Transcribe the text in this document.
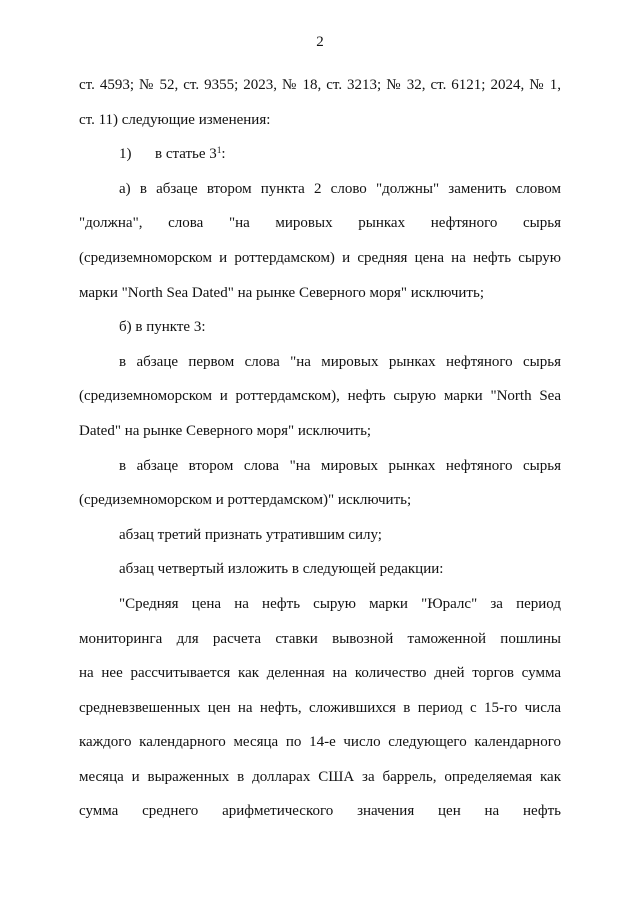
2
ст. 4593; № 52, ст. 9355; 2023, № 18, ст. 3213; № 32, ст. 6121; 2024, № 1,
ст. 11) следующие изменения:
1) в статье $3^1$:
а) в абзаце втором пункта 2 слово "должны" заменить словом
"должна", слова "на мировых рынках нефтяного сырья
(средиземноморском и роттердамском) и средняя цена на нефть сырую
марки "North Sea Dated" на рынке Северного моря" исключить;
б) в пункте 3:
в абзаце первом слова "на мировых рынках нефтяного сырья
(средиземноморском и роттердамском), нефть сырую марки "North Sea
Dated" на рынке Северного моря" исключить;
в абзаце втором слова "на мировых рынках нефтяного сырья
(средиземноморском и роттердамском)" исключить;
абзац третий признать утратившим силу;
абзац четвертый изложить в следующей редакции:
"Средняя цена на нефть сырую марки "Юралс" за период
мониторинга для расчета ставки вывозной таможенной пошлины
на нее рассчитывается как деленная на количество дней торгов сумма
средневзвешенных цен на нефть, сложившихся в период с 15-го числа
каждого календарного месяца по 14-е число следующего календарного
месяца и выраженных в долларах США за баррель, определяемая как
сумма среднего арифметического значения цен на нефть
